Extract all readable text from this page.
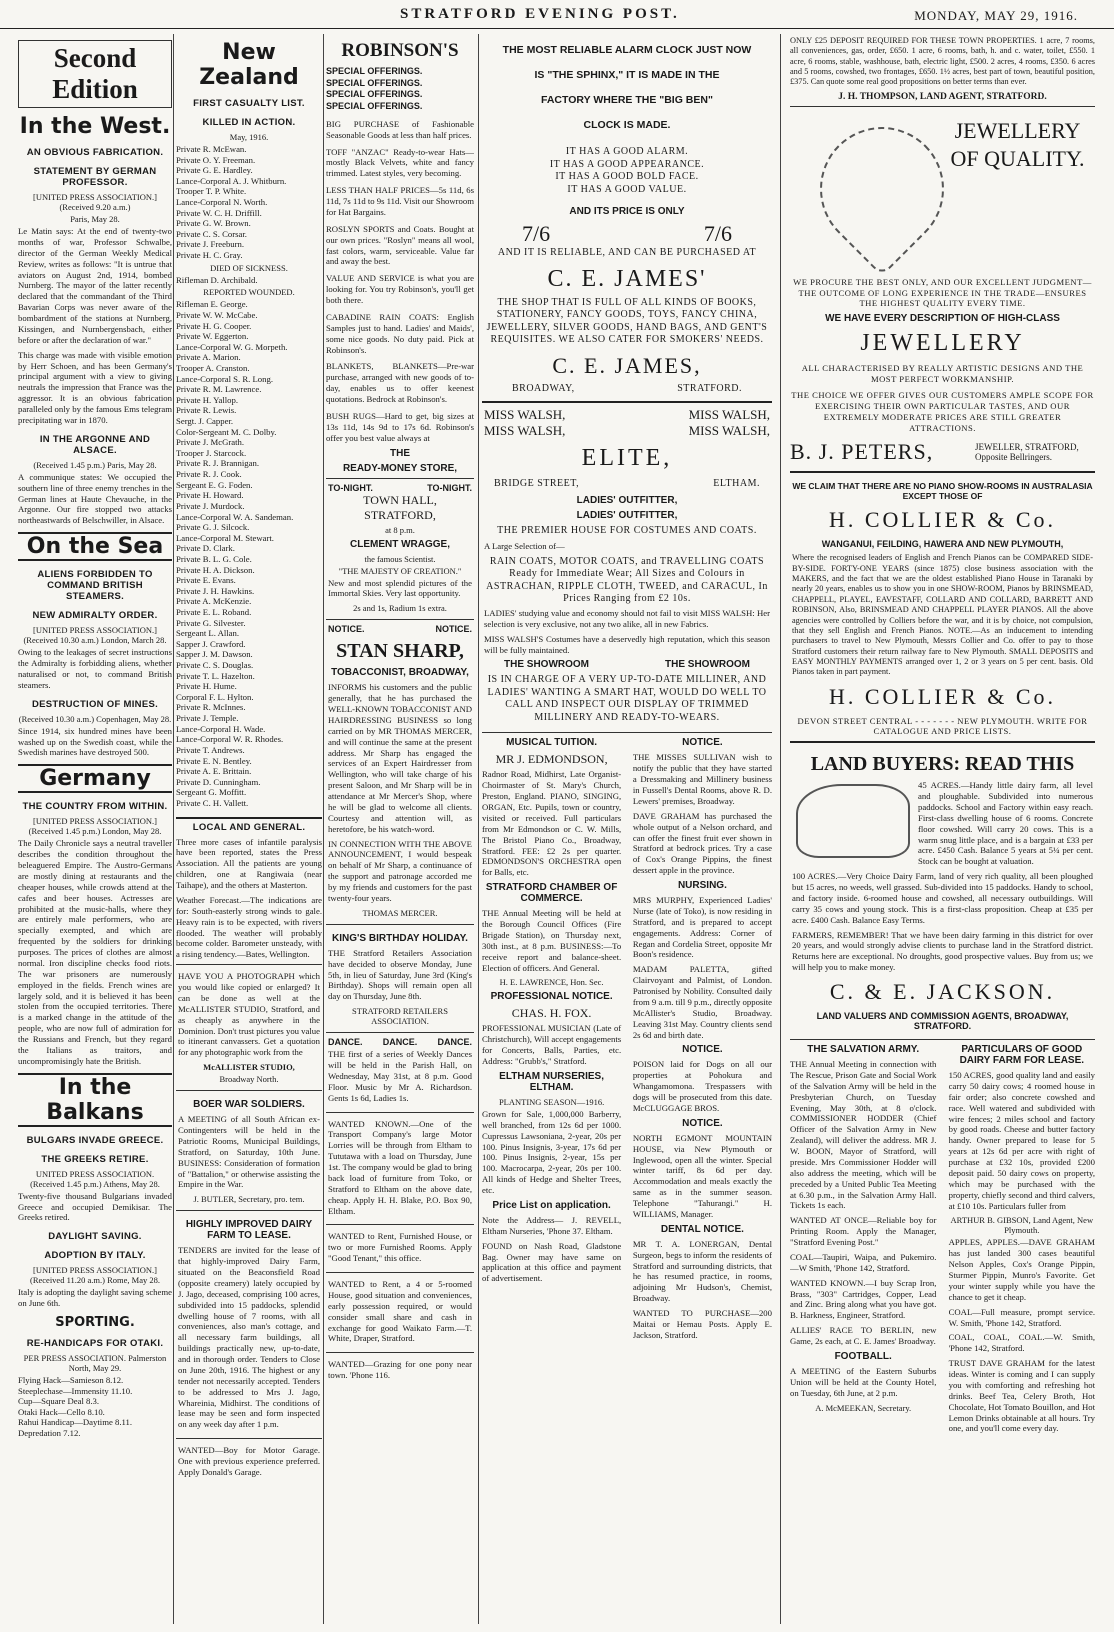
STRATFORD EVENING POST.	MONDAY, MAY 29, 1916.
Second Edition
In the West.
AN OBVIOUS FABRICATION.
STATEMENT BY GERMAN PROFESSOR.
[UNITED PRESS ASSOCIATION.] (Received 9.20 a.m.)
Paris, May 28.
Le Matin says: At the end of twenty-two months of war, Professor Schwalbe, director of the German Weekly Medical Review, writes as follows: "It is untrue that aviators on August 2nd, 1914, bombed Nurnberg. The mayor of the latter recently declared that the commandant of the Third Bavarian Corps was never aware of the bombardment of the stations at Nurnberg, Kissingen, and Nurnbergensbach, either before or after the declaration of war."
This charge was made with visible emotion by Herr Schoen, and has been Germany's principal argument with a view to giving neutrals the impression that France was the aggressor. It is an obvious fabrication paralleled only by the famous Ems telegram precipitating war in 1870.
IN THE ARGONNE AND ALSACE.
(Received 1.45 p.m.) Paris, May 28.
A communique states: We occupied the southern line of three enemy trenches in the German lines at Haute Chevauche, in the Argonne. Our fire stopped two attacks northeastwards of Belschwiller, in Alsace.
On the Sea
ALIENS FORBIDDEN TO COMMAND BRITISH STEAMERS.
NEW ADMIRALTY ORDER.
[UNITED PRESS ASSOCIATION.] (Received 10.30 a.m.) London, March 28.
Owing to the leakages of secret instructions the Admiralty is forbidding aliens, whether naturalised or not, to command British steamers.
DESTRUCTION OF MINES.
(Received 10.30 a.m.) Copenhagen, May 28.
Since 1914, six hundred mines have been washed up on the Swedish coast, while the Swedish marines have destroyed 500.
Germany
THE COUNTRY FROM WITHIN.
[UNITED PRESS ASSOCIATION.] (Received 1.45 p.m.) London, May 28.
The Daily Chronicle says a neutral traveller describes the condition throughout the beleaguered Empire. The Austro-Germans are mostly dining at restaurants and the cheaper houses, while crowds attend at the cafes and beer houses. Actresses are prohibited at the music-halls, where they are entirely male performers, who are specially exempted, and which are frequented by the soldiers for drinking purposes. The prices of clothes are almost normal. Iron discipline checks food riots. The war prisoners are numerously employed in the fields. French wines are largely sold, and it is believed it has been stolen from the occupied territories. There is a marked change in the attitude of the people, who are now full of admiration for the Russians and French, but they regard the Italians as traitors, and uncompromisingly hate the British.
In the Balkans
BULGARS INVADE GREECE.
THE GREEKS RETIRE.
UNITED PRESS ASSOCIATION. (Received 1.45 p.m.) Athens, May 28.
Twenty-five thousand Bulgarians invaded Greece and occupied Demikisar. The Greeks retired.
DAYLIGHT SAVING.
ADOPTION BY ITALY.
[UNITED PRESS ASSOCIATION.] (Received 11.20 a.m.) Rome, May 28.
Italy is adopting the daylight saving scheme on June 6th.
SPORTING.
RE-HANDICAPS FOR OTAKI.
PER PRESS ASSOCIATION. Palmerston North, May 29.
Flying Hack—Samieson 8.12.
Steeplechase—Immensity 11.10.
Cup—Square Deal 8.3.
Otaki Hack—Cello 8.10.
Rahui Handicap—Daytime 8.11.
Depredation 7.12.
New Zealand
FIRST CASUALTY LIST.
KILLED IN ACTION.
May, 1916.
Private R. McEwan.
Private O. Y. Freeman.
Private G. E. Hardley.
Lance-Corporal A. J. Whitburn.
Trooper T. P. White.
Lance-Corporal N. Worth.
Private W. C. H. Driffill.
Private G. W. Brown.
Private C. S. Corsar.
Private J. Freeburn.
Private H. C. Gray.
DIED OF SICKNESS.
Rifleman D. Archibald.
REPORTED WOUNDED.
Rifleman E. George.
Private W. W. McCabe.
Private H. G. Cooper.
Private W. Eggerton.
Lance-Corporal W. G. Morpeth.
Private A. Marion.
Trooper A. Cranston.
Lance-Corporal S. R. Long.
Private R. M. Lawrence.
Private H. Yallop.
Private R. Lewis.
Sergt. J. Capper.
Color-Sergeant M. C. Dolby.
Private J. McGrath.
Trooper J. Starcock.
Private R. J. Brannigan.
Private R. J. Cook.
Sergeant E. G. Foden.
Private H. Howard.
Private J. Murdock.
Lance-Corporal W. A. Sandeman.
Private G. J. Silcock.
Lance-Corporal M. Stewart.
Private D. Clark.
Private B. L. G. Cole.
Private H. A. Dickson.
Private E. Evans.
Private J. H. Hawkins.
Private A. McKenzie.
Private E. L. Roband.
Private G. Silvester.
Sergeant L. Allan.
Sapper J. Crawford.
Sapper J. M. Dawson.
Private C. S. Douglas.
Private T. L. Hazelton.
Private H. Hume.
Corporal F. L. Hylton.
Private R. McInnes.
Private J. Temple.
Lance-Corporal H. Wade.
Lance-Corporal W. R. Rhodes.
Private T. Andrews.
Private E. N. Bentley.
Private A. E. Brittain.
Private D. Cunningham.
Sergeant G. Moffitt.
Private C. H. Vallett.
LOCAL AND GENERAL.
Three more cases of infantile paralysis have been reported, states the Press Association. All the patients are young children, one at Rangiwaia (near Taihape), and the others at Masterton.
Weather Forecast.—The indications are for: South-easterly strong winds to gale. Heavy rain is to be expected, with rivers flooded. The weather will probably become colder. Barometer unsteady, with a rising tendency.—Bates, Wellington.
HAVE YOU A PHOTOGRAPH which you would like copied or enlarged? It can be done as well at the McALLISTER STUDIO, Stratford, and as cheaply as anywhere in the Dominion. Don't trust pictures you value to itinerant canvassers. Get a quotation for any photographic work from the
McALLISTER STUDIO,
Broadway North.
BOER WAR SOLDIERS.
A MEETING of all South African ex-Contingenters will be held in the Patriotic Rooms, Municipal Buildings, Stratford, on Saturday, 10th June. BUSINESS: Consideration of formation of "Battalion," or otherwise assisting the Empire in the War.
J. BUTLER, Secretary, pro. tem.
HIGHLY IMPROVED DAIRY FARM TO LEASE.
TENDERS are invited for the lease of that highly-improved Dairy Farm, situated on the Beaconsfield Road (opposite creamery) lately occupied by J. Jago, deceased, comprising 100 acres, subdivided into 15 paddocks, splendid dwelling house of 7 rooms, with all conveniences, also man's cottage, and all necessary farm buildings, all buildings practically new, up-to-date, and in thorough order. Tenders to Close on June 20th, 1916. The highest or any tender not necessarily accepted. Tenders to be addressed to Mrs J. Jago, Whareinia, Midhirst. The conditions of lease may be seen and form inspected on any week day after 1 p.m.
WANTED—Boy for Motor Garage. One with previous experience preferred. Apply Donald's Garage.
ROBINSON'S
SPECIAL OFFERINGS.
SPECIAL OFFERINGS.
SPECIAL OFFERINGS.
SPECIAL OFFERINGS.
BIG PURCHASE of Fashionable Seasonable Goods at less than half prices.
TOFF "ANZAC" Ready-to-wear Hats—mostly Black Velvets, white and fancy trimmed. Latest styles, very becoming.
LESS THAN HALF PRICES—5s 11d, 6s 11d, 7s 11d to 9s 11d. Visit our Showroom for Hat Bargains.
ROSLYN SPORTS and Coats. Bought at our own prices. "Roslyn" means all wool, fast colors, warm, serviceable. Value far and away the best.
VALUE AND SERVICE is what you are looking for. You try Robinson's, you'll get both there.
CABADINE RAIN COATS: English Samples just to hand. Ladies' and Maids', some nice goods. No duty paid. Pick at Robinson's.
BLANKETS, BLANKETS—Pre-war purchase, arranged with new goods of to-day, enables us to offer keenest quotations. Bedrock at Robinson's.
BUSH RUGS—Hard to get, big sizes at 13s 11d, 14s 9d to 17s 6d. Robinson's offer you best value always at
THE
READY-MONEY STORE,
TO-NIGHT.	TO-NIGHT.
TOWN HALL, STRATFORD,
at 8 p.m.
CLEMENT WRAGGE,
the famous Scientist.
"THE MAJESTY OF CREATION."
New and most splendid pictures of the Immortal Skies. Very last opportunity.
2s and 1s, Radium 1s extra.
NOTICE.	NOTICE.
STAN SHARP,
TOBACCONIST, BROADWAY,
INFORMS his customers and the public generally, that he has purchased the WELL-KNOWN TOBACCONIST AND HAIRDRESSING BUSINESS so long carried on by MR THOMAS MERCER, and will continue the same at the present address. Mr Sharp has engaged the services of an Expert Hairdresser from Wellington, who will take charge of his present Saloon, and Mr Sharp will be in attendance at Mr Mercer's Shop, where he will be glad to welcome all clients. Courtesy and attention will, as heretofore, be his watch-word.
IN CONNECTION WITH THE ABOVE ANNOUNCEMENT, I would bespeak on behalf of Mr Sharp, a continuance of the support and patronage accorded me by my friends and customers for the past twenty-four years.
THOMAS MERCER.
KING'S BIRTHDAY HOLIDAY.
THE Stratford Retailers Association have decided to observe Monday, June 5th, in lieu of Saturday, June 3rd (King's Birthday). Shops will remain open all day on Thursday, June 8th.
STRATFORD RETAILERS ASSOCIATION.
DANCE. DANCE. DANCE.
THE first of a series of Weekly Dances will be held in the Parish Hall, on Wednesday, May 31st, at 8 p.m. Good Floor. Music by Mr A. Richardson. Gents 1s 6d, Ladies 1s.
WANTED KNOWN.—One of the Transport Company's large Motor Lorries will be through from Eltham to Tututawa with a load on Thursday, June 1st. The company would be glad to bring back load of furniture from Toko, or Stratford to Eltham on the above date, cheap. Apply H. H. Blake, P.O. Box 90, Eltham.
WANTED to Rent, Furnished House, or two or more Furnished Rooms. Apply "Good Tenant," this office.
WANTED to Rent, a 4 or 5-roomed House, good situation and conveniences, early possession required, or would consider small share and cash in exchange for good Waikato Farm.—T. White, Draper, Stratford.
WANTED—Grazing for one pony near town. 'Phone 116.
THE MOST RELIABLE ALARM CLOCK JUST NOW
IS "THE SPHINX," IT IS MADE IN THE
FACTORY WHERE THE "BIG BEN"
CLOCK IS MADE.
IT HAS A GOOD ALARM.
IT HAS A GOOD APPEARANCE.
IT HAS A GOOD BOLD FACE.
IT HAS A GOOD VALUE.
AND ITS PRICE IS ONLY
7/6	7/6
AND IT IS RELIABLE, AND CAN BE PURCHASED AT
C. E. JAMES'
THE SHOP THAT IS FULL OF ALL KINDS OF BOOKS, STATIONERY, FANCY GOODS, TOYS, FANCY CHINA, JEWELLERY, SILVER GOODS, HAND BAGS, AND GENT'S REQUISITES. WE ALSO CATER FOR SMOKERS' NEEDS.
C. E. JAMES,
BROADWAY,	STRATFORD.
MISS WALSH,	MISS WALSH,
MISS WALSH,	MISS WALSH,
ELITE,
BRIDGE STREET,	ELTHAM.
LADIES' OUTFITTER,
LADIES' OUTFITTER,
THE PREMIER HOUSE FOR COSTUMES AND COATS.
A Large Selection of—
RAIN COATS, MOTOR COATS, and TRAVELLING COATS Ready for Immediate Wear; All Sizes and Colours in
ASTRACHAN, RIPPLE CLOTH, TWEED, and CARACUL, In Prices Ranging from £2 10s.
LADIES' studying value and economy should not fail to visit MISS WALSH: Her selection is very exclusive, not any two alike, all in new Fabrics.
MISS WALSH'S Costumes have a deservedly high reputation, which this season will be fully maintained.
THE SHOWROOM	THE SHOWROOM
IS IN CHARGE OF A VERY UP-TO-DATE MILLINER, AND LADIES' WANTING A SMART HAT, WOULD DO WELL TO CALL AND INSPECT OUR DISPLAY OF TRIMMED MILLINERY AND READY-TO-WEARS.
MUSICAL TUITION.
MR J. EDMONDSON,
Radnor Road, Midhirst, Late Organist-Choirmaster of St. Mary's Church, Preston, England. PIANO, SINGING, ORGAN, Etc. Pupils, town or country, visited or received. Full particulars from Mr Edmondson or C. W. Mills, The Bristol Piano Co., Broadway, Stratford. FEE: £2 2s per quarter. EDMONDSON'S ORCHESTRA open for Balls, etc.
STRATFORD CHAMBER OF COMMERCE.
THE Annual Meeting will be held at the Borough Council Offices (Fire Brigade Station), on Thursday next, 30th inst., at 8 p.m. BUSINESS:—To receive report and balance-sheet. Election of officers. And General.
H. E. LAWRENCE, Hon. Sec.
PROFESSIONAL NOTICE.
CHAS. H. FOX.
PROFESSIONAL MUSICIAN (Late of Christchurch), Will accept engagements for Concerts, Balls, Parties, etc. Address: "Grubb's," Stratford.
ELTHAM NURSERIES, ELTHAM.
PLANTING SEASON—1916.
Grown for Sale, 1,000,000 Barberry, well branched, from 12s 6d per 1000. Cupressus Lawsoniana, 2-year, 20s per 100. Pinus Insignis, 3-year, 17s 6d per 100. Pinus Insignis, 2-year, 15s per 100. Macrocarpa, 2-year, 20s per 100. All kinds of Hedge and Shelter Trees, etc.
Price List on application.
Note the Address— J. REVELL, Eltham Nurseries, 'Phone 37. Eltham.
FOUND on Nash Road, Gladstone Bag. Owner may have same on application at this office and payment of advertisement.
NOTICE.
THE MISSES SULLIVAN wish to notify the public that they have started a Dressmaking and Millinery business in Fussell's Dental Rooms, above R. D. Lewers' premises, Broadway.
DAVE GRAHAM has purchased the whole output of a Nelson orchard, and can offer the finest fruit ever shown in Stratford at bedrock prices. Try a case of Cox's Orange Pippins, the finest dessert apple in the province.
NURSING.
MRS MURPHY, Experienced Ladies' Nurse (late of Toko), is now residing in Stratford, and is prepared to accept engagements. Address: Corner of Regan and Cordelia Street, opposite Mr Boon's residence.
MADAM PALETTA, gifted Clairvoyant and Palmist, of London. Patronised by Nobility. Consulted daily from 9 a.m. till 9 p.m., directly opposite McAllister's Studio, Broadway. Leaving 31st May. Country clients send 2s 6d and birth date.
NOTICE.
POISON laid for Dogs on all our properties at Pohokura and Whangamomona. Trespassers with dogs will be prosecuted from this date. McCLUGGAGE BROS.
NOTICE.
NORTH EGMONT MOUNTAIN HOUSE, via New Plymouth or Inglewood, open all the winter. Special winter tariff, 8s 6d per day. Accommodation and meals exactly the same as in the summer season. Telephone "Tahurangi." H. WILLIAMS, Manager.
DENTAL NOTICE.
MR T. A. LONERGAN, Dental Surgeon, begs to inform the residents of Stratford and surrounding districts, that he has resumed practice, in rooms, adjoining Mr Hudson's, Chemist, Broadway.
WANTED TO PURCHASE—200 Maitai or Hemau Posts. Apply E. Jackson, Stratford.
ONLY £25 DEPOSIT REQUIRED FOR THESE TOWN PROPERTIES. 1 acre, 7 rooms, all conveniences, gas, order, £650. 1 acre, 6 rooms, bath, h. and c. water, toilet, £550. 1 acre, 6 rooms, stable, washhouse, bath, electric light, £500. 2 acres, 4 rooms, £350. 6 acres and 5 rooms, cowshed, two frontages, £650. 1½ acres, best part of town, beautiful position, £375. Can quote some real good propositions on better terms than ever.
J. H. THOMPSON, LAND AGENT, STRATFORD.
JEWELLERY OF QUALITY.
WE PROCURE THE BEST ONLY, AND OUR EXCELLENT JUDGMENT—THE OUTCOME OF LONG EXPERIENCE IN THE TRADE—ENSURES THE HIGHEST QUALITY EVERY TIME.
WE HAVE EVERY DESCRIPTION OF HIGH-CLASS
JEWELLERY
ALL CHARACTERISED BY REALLY ARTISTIC DESIGNS AND THE MOST PERFECT WORKMANSHIP.
THE CHOICE WE OFFER GIVES OUR CUSTOMERS AMPLE SCOPE FOR EXERCISING THEIR OWN PARTICULAR TASTES, AND OUR EXTREMELY MODERATE PRICES ARE STILL GREATER ATTRACTIONS.
B. J. PETERS,	JEWELLER, STRATFORD, Opposite Bellringers.
WE CLAIM THAT THERE ARE NO PIANO SHOW-ROOMS IN AUSTRALASIA EXCEPT THOSE OF
H. COLLIER & Co.
WANGANUI, FEILDING, HAWERA AND NEW PLYMOUTH,
Where the recognised leaders of English and French Pianos can be COMPARED SIDE-BY-SIDE. FORTY-ONE YEARS (since 1875) close business association with the MAKERS, and the fact that we are the oldest established Piano House in Taranaki by nearly 20 years, enables us to show you in one SHOW-ROOM, Pianos by BRINSMEAD, CHAPPELL, PLAYEL, EAVESTAFF, COLLARD AND COLLARD, BARRETT AND ROBINSON, Also, BRINSMEAD AND CHAPPELL PLAYER PIANOS. All the above agencies were controlled by Colliers before the war, and it is by choice, not compulsion, that they sell English and French Pianos. NOTE.—As an inducement to intending purchasers to travel to New Plymouth, Messrs Collier and Co. offer to pay to those Stratford customers their return railway fare to New Plymouth. SMALL DEPOSITS and EASY MONTHLY PAYMENTS arranged over 1, 2 or 3 years on 5 per cent. basis. Old Pianos taken in part payment.
H. COLLIER & Co.
DEVON STREET CENTRAL - - - - - - - NEW PLYMOUTH. WRITE FOR CATALOGUE AND PRICE LISTS.
LAND BUYERS: READ THIS
45 ACRES.—Handy little dairy farm, all level and ploughable. Subdivided into numerous paddocks. School and Factory within easy reach. First-class dwelling house of 6 rooms. Concrete floor cowshed. Will carry 20 cows. This is a warm snug little place, and is a bargain at £33 per acre. £450 Cash. Balance 5 years at 5¼ per cent. Stock can be bought at valuation.
100 ACRES.—Very Choice Dairy Farm, land of very rich quality, all been ploughed but 15 acres, no weeds, well grassed. Sub-divided into 15 paddocks. Handy to school, and factory inside. 6-roomed house and cowshed, all necessary outbuildings. Will carry 35 cows and young stock. This is a first-class proposition. Cheap at £35 per acre. £400 Cash. Balance Easy Terms.
FARMERS, REMEMBER! That we have been dairy farming in this district for over 20 years, and would strongly advise clients to purchase land in the Stratford district. Returns here are exceptional. No droughts, good prospective values. Buy from us; we will help you to make money.
C. & E. JACKSON.
LAND VALUERS AND COMMISSION AGENTS, BROADWAY, STRATFORD.
THE SALVATION ARMY.
THE Annual Meeting in connection with The Rescue, Prison Gate and Social Work of the Salvation Army will be held in the Presbyterian Church, on Tuesday Evening, May 30th, at 8 o'clock. COMMISSIONER HODDER (Chief Officer of the Salvation Army in New Zealand), will deliver the address. MR J. W. BOON, Mayor of Stratford, will preside. Mrs Commissioner Hodder will also address the meeting, which will be preceded by a United Public Tea Meeting at 6.30 p.m., in the Salvation Army Hall. Tickets 1s each.
WANTED AT ONCE—Reliable boy for Printing Room. Apply the Manager, "Stratford Evening Post."
COAL—Taupiri, Waipa, and Pukemiro.—W Smith, 'Phone 142, Stratford.
WANTED KNOWN.—I buy Scrap Iron, Brass, "303" Cartridges, Copper, Lead and Zinc. Bring along what you have got. B. Harkness, Engineer, Stratford.
ALLIES' RACE TO BERLIN, new Game, 2s each, at C. E. James' Broadway.
FOOTBALL.
A MEETING of the Eastern Suburbs Union will be held at the County Hotel, on Tuesday, 6th June, at 2 p.m.
A. McMEEKAN, Secretary.
PARTICULARS OF GOOD DAIRY FARM FOR LEASE.
150 ACRES, good quality land and easily carry 50 dairy cows; 4 roomed house in fair order; also concrete cowshed and race. Well watered and subdivided with wire fences; 2 miles school and factory by good roads. Cheese and butter factory handy. Owner prepared to lease for 5 years at 12s 6d per acre with right of purchase at £32 10s, provided £200 deposit paid. 50 dairy cows on property, which may be purchased with the property, chiefly second and third calvers, at £10 10s. Particulars fuller from
ARTHUR B. GIBSON, Land Agent, New Plymouth.
APPLES, APPLES.—DAVE GRAHAM has just landed 300 cases beautiful Nelson Apples, Cox's Orange Pippin, Sturmer Pippin, Munro's Favorite. Get your winter supply while you have the chance to get it cheap.
COAL—Full measure, prompt service. W. Smith, 'Phone 142, Stratford.
COAL, COAL, COAL.—W. Smith, 'Phone 142, Stratford.
TRUST DAVE GRAHAM for the latest ideas. Winter is coming and I can supply you with comforting and refreshing hot drinks. Beef Tea, Celery Broth, Hot Chocolate, Hot Tomato Bouillon, and Hot Lemon Drinks obtainable at all hours. Try one, and you'll come every day.
